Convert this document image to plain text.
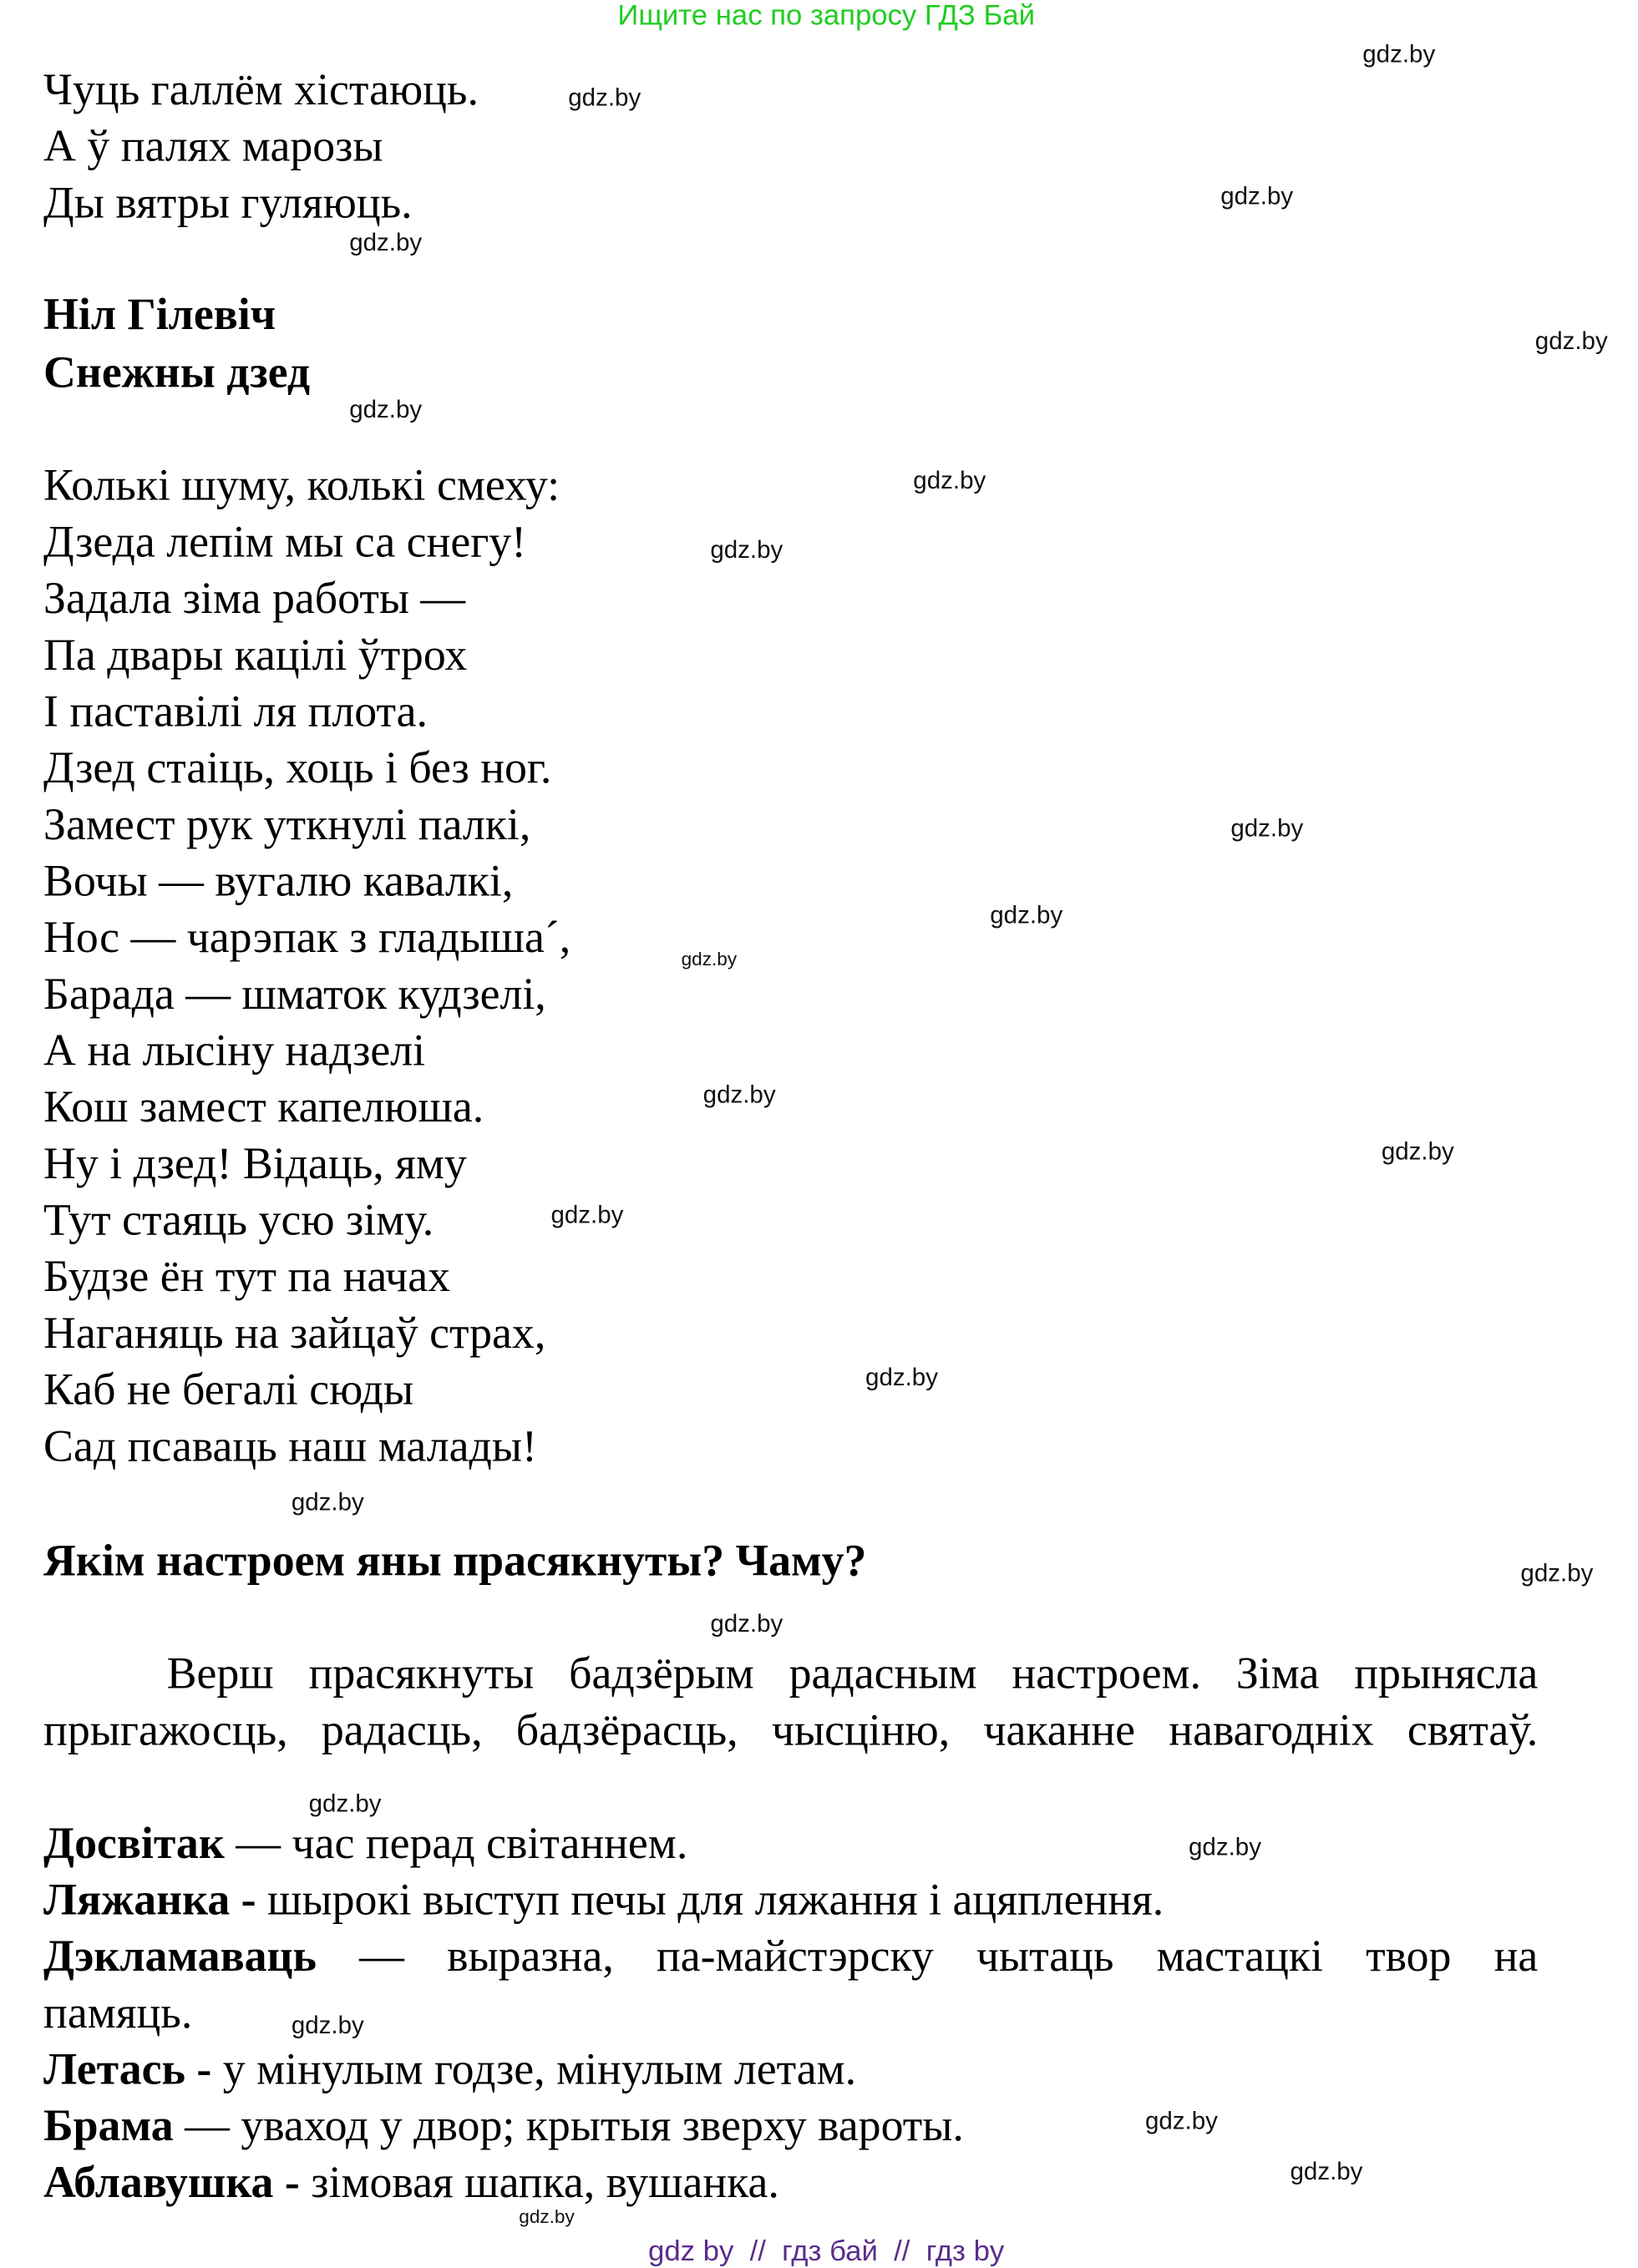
Ищите нас по запросу ГДЗ Бай
Чуць галлём хістаюць.
А ў палях марозы
Ды вятры гуляюць.
Ніл Гілевіч
Снежны дзед
Колькі шуму, колькі смеху:
Дзеда лепім мы са снегу!
Задала зіма работы —
Па двары кацілі ўтрох
І паставілі ля плота.
Дзед стаіць, хоць і без ног.
Замест рук уткнулі палкі,
Вочы — вугалю кавалкі,
Нос — чарэпак з гладыша´,
Барада — шматок кудзелі,
А на лысіну надзелі
Кош замест капелюша.
Ну і дзед! Відаць, яму
Тут стаяць усю зіму.
Будзе ён тут па начах
Наганяць на зайцаў страх,
Каб не бегалі сюды
Сад псаваць наш малады!
Якім настроем яны прасякнуты? Чаму?
Верш прасякнуты бадзёрым радасным настроем. Зіма прынясла
прыгажосць, радасць, бадзёрасць, чысціню, чаканне навагодніх святаў.
Досвітак — час перад світаннем.
Ляжанка - шырокі выступ печы для ляжання і ацяплення.
Дэкламаваць — выразна, па-майстэрску чытаць мастацкі твор на
памяць.
Летась - у мінулым годзе, мінулым летам.
Брама — уваход у двор; крытыя зверху вароты.
Аблавушка - зімовая шапка, вушанка.
gdz.by
gdz.by
gdz.by
gdz.by
gdz.by
gdz.by
gdz.by
gdz.by
gdz.by
gdz.by
gdz.by
gdz.by
gdz.by
gdz.by
gdz.by
gdz.by
gdz.by
gdz.by
gdz.by
gdz.by
gdz.by
gdz.by
gdz.by
gdz.by
gdz by  //  гдз бай  //  гдз by
